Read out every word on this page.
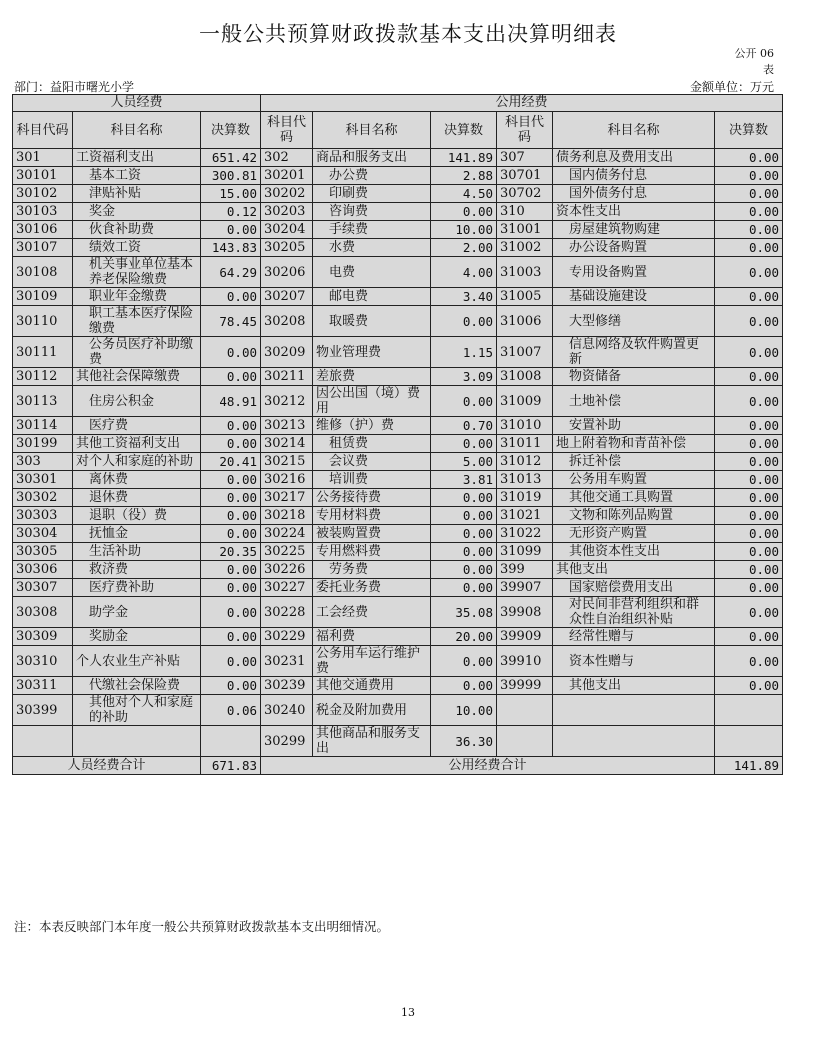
一般公共预算财政拨款基本支出决算明细表
公开 06
表
部门：益阳市曙光小学	金额单位：万元
人员经费			公用经费					
科目代码	科目名称	决算数	科目代码	科目名称	决算数	科目代码	科目名称	决算数
301	工资福利支出	651.42	302	商品和服务支出	141.89	307	债务利息及费用支出	0.00
30101	基本工资	300.81	30201	办公费	2.88	30701	国内债务付息	0.00
30102	津贴补贴	15.00	30202	印刷费	4.50	30702	国外债务付息	0.00
30103	奖金	0.12	30203	咨询费	0.00	310	资本性支出	0.00
30106	伙食补助费	0.00	30204	手续费	10.00	31001	房屋建筑物购建	0.00
30107	绩效工资	143.83	30205	水费	2.00	31002	办公设备购置	0.00
30108	机关事业单位基本养老保险缴费	64.29	30206	电费	4.00	31003	专用设备购置	0.00
30109	职业年金缴费	0.00	30207	邮电费	3.40	31005	基础设施建设	0.00
30110	职工基本医疗保险缴费	78.45	30208	取暖费	0.00	31006	大型修缮	0.00
30111	公务员医疗补助缴费	0.00	30209	物业管理费	1.15	31007	信息网络及软件购置更新	0.00
30112	其他社会保障缴费	0.00	30211	差旅费	3.09	31008	物资储备	0.00
30113	住房公积金	48.91	30212	因公出国（境）费用	0.00	31009	土地补偿	0.00
30114	医疗费	0.00	30213	维修（护）费	0.70	31010	安置补助	0.00
30199	其他工资福利支出	0.00	30214	租赁费	0.00	31011	地上附着物和青苗补偿	0.00
303	对个人和家庭的补助	20.41	30215	会议费	5.00	31012	拆迁补偿	0.00
30301	离休费	0.00	30216	培训费	3.81	31013	公务用车购置	0.00
30302	退休费	0.00	30217	公务接待费	0.00	31019	其他交通工具购置	0.00
30303	退职（役）费	0.00	30218	专用材料费	0.00	31021	文物和陈列品购置	0.00
30304	抚恤金	0.00	30224	被装购置费	0.00	31022	无形资产购置	0.00
30305	生活补助	20.35	30225	专用燃料费	0.00	31099	其他资本性支出	0.00
30306	救济费	0.00	30226	劳务费	0.00	399	其他支出	0.00
30307	医疗费补助	0.00	30227	委托业务费	0.00	39907	国家赔偿费用支出	0.00
30308	助学金	0.00	30228	工会经费	35.08	39908	对民间非营利组织和群众性自治组织补贴	0.00
30309	奖励金	0.00	30229	福利费	20.00	39909	经常性赠与	0.00
30310	个人农业生产补贴	0.00	30231	公务用车运行维护费	0.00	39910	资本性赠与	0.00
30311	代缴社会保险费	0.00	30239	其他交通费用	0.00	39999	其他支出	0.00
30399	其他对个人和家庭的补助	0.06	30240	税金及附加费用	10.00			
			30299	其他商品和服务支出	36.30			
人员经费合计		671.83	公用经费合计					141.89
注：本表反映部门本年度一般公共预算财政拨款基本支出明细情况。
13
